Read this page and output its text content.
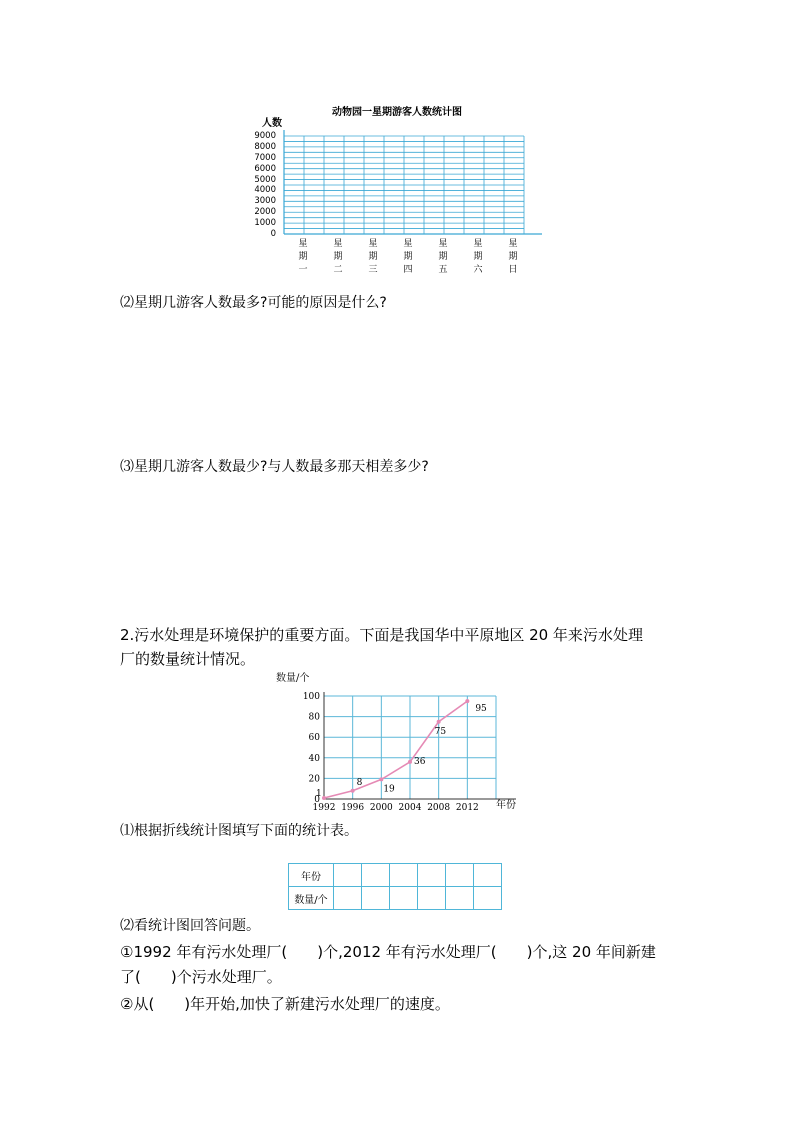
动物园一星期游客人数统计图
人数
9000
8000
7000
6000
5000
4000
3000
2000
1000
0
星
期
一
星
期
二
星
期
三
星
期
四
星
期
五
星
期
六
星
期
日
⑵星期几游客人数最多?可能的原因是什么?
⑶星期几游客人数最少?与人数最多那天相差多少?
2.污水处理是环境保护的重要方面。下面是我国华中平原地区 20 年来污水处理
厂的数量统计情况。
数量/个
0
20
40
60
80
100
1992 1996 2000 2004 2008 2012
1
8
19
36
75
95
年份
⑴根据折线统计图填写下面的统计表。
年份						
数量/个						
⑵看统计图回答问题。
①1992 年有污水处理厂(　　)个,2012 年有污水处理厂(　　)个,这 20 年间新建
了(　　)个污水处理厂。
②从(　　)年开始,加快了新建污水处理厂的速度。
